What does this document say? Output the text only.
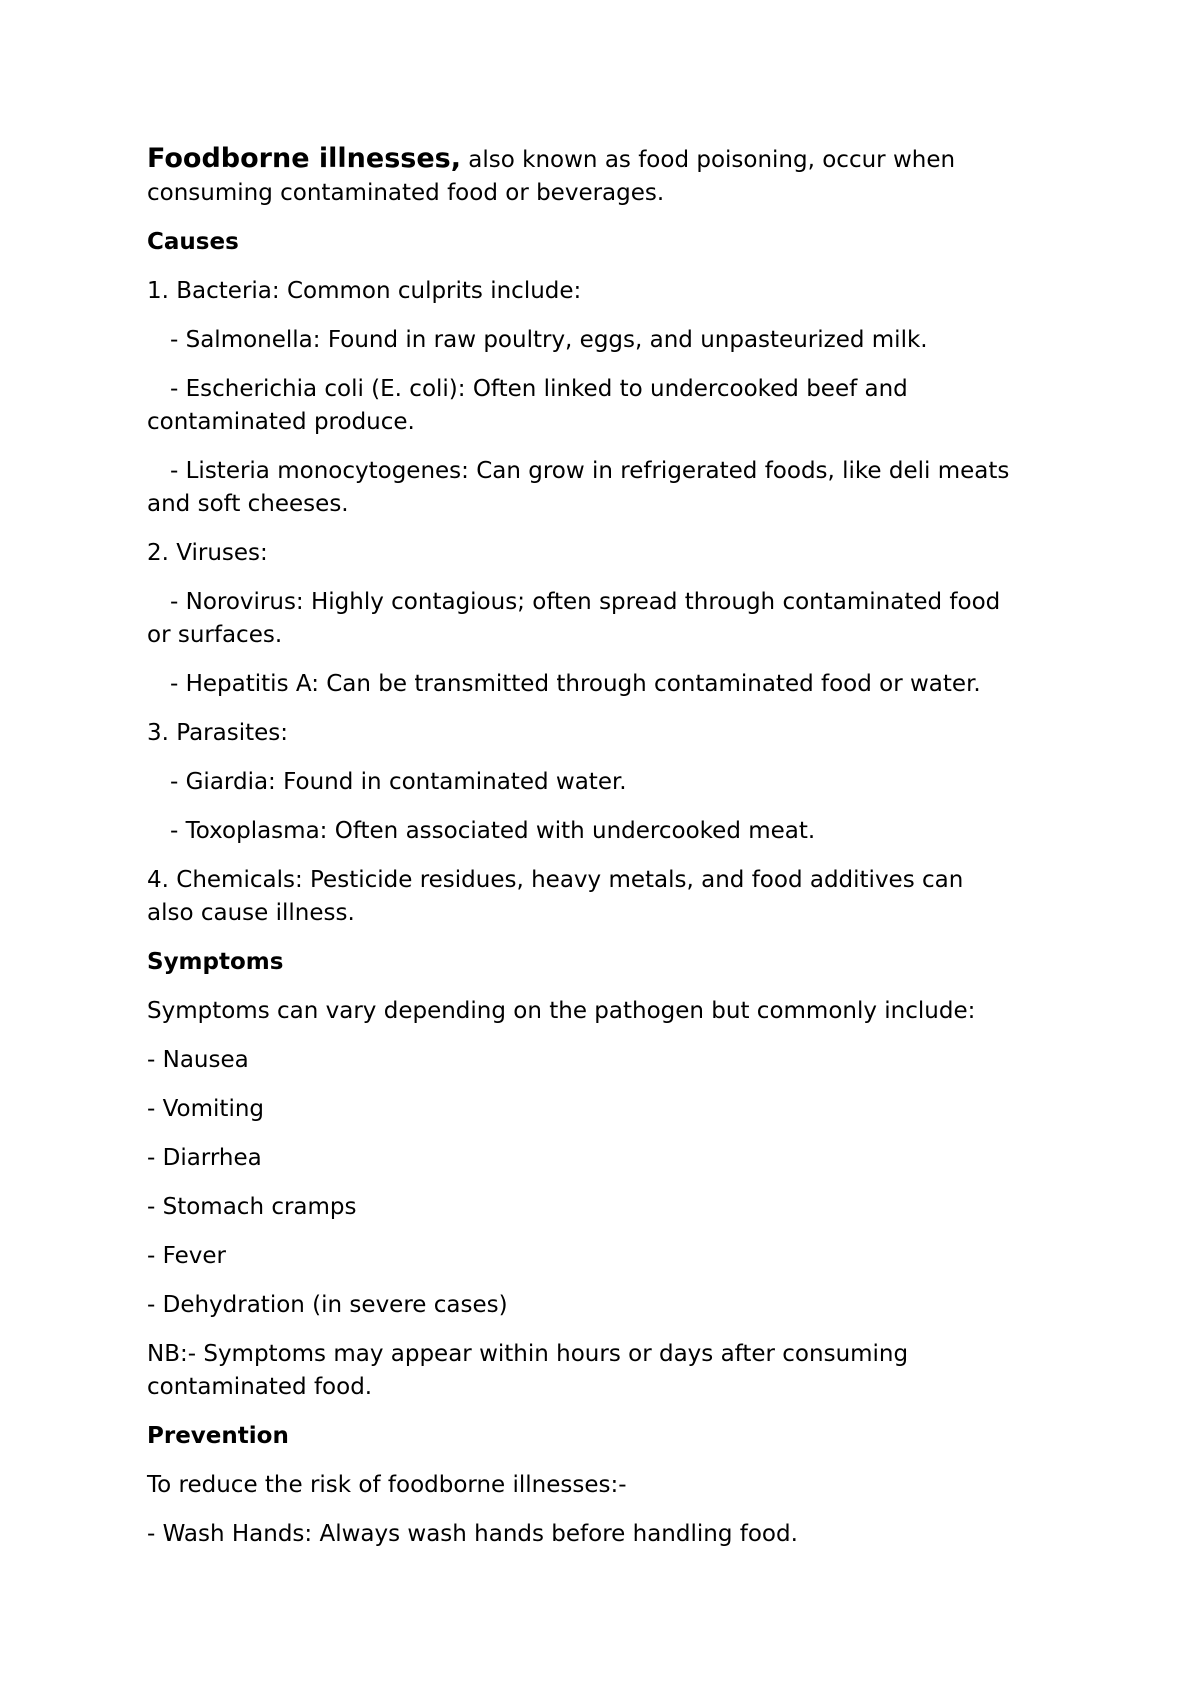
Foodborne illnesses, also known as food poisoning, occur when consuming contaminated food or beverages.
Causes
1. Bacteria: Common culprits include:
- Salmonella: Found in raw poultry, eggs, and unpasteurized milk.
- Escherichia coli (E. coli): Often linked to undercooked beef and
contaminated produce.
- Listeria monocytogenes: Can grow in refrigerated foods, like deli meats
and soft cheeses.
2. Viruses:
- Norovirus: Highly contagious; often spread through contaminated food
or surfaces.
- Hepatitis A: Can be transmitted through contaminated food or water.
3. Parasites:
- Giardia: Found in contaminated water.
- Toxoplasma: Often associated with undercooked meat.
4. Chemicals: Pesticide residues, heavy metals, and food additives can
also cause illness.
Symptoms
Symptoms can vary depending on the pathogen but commonly include:
- Nausea
- Vomiting
- Diarrhea
- Stomach cramps
- Fever
- Dehydration (in severe cases)
NB:- Symptoms may appear within hours or days after consuming
contaminated food.
Prevention
To reduce the risk of foodborne illnesses:-
- Wash Hands: Always wash hands before handling food.
